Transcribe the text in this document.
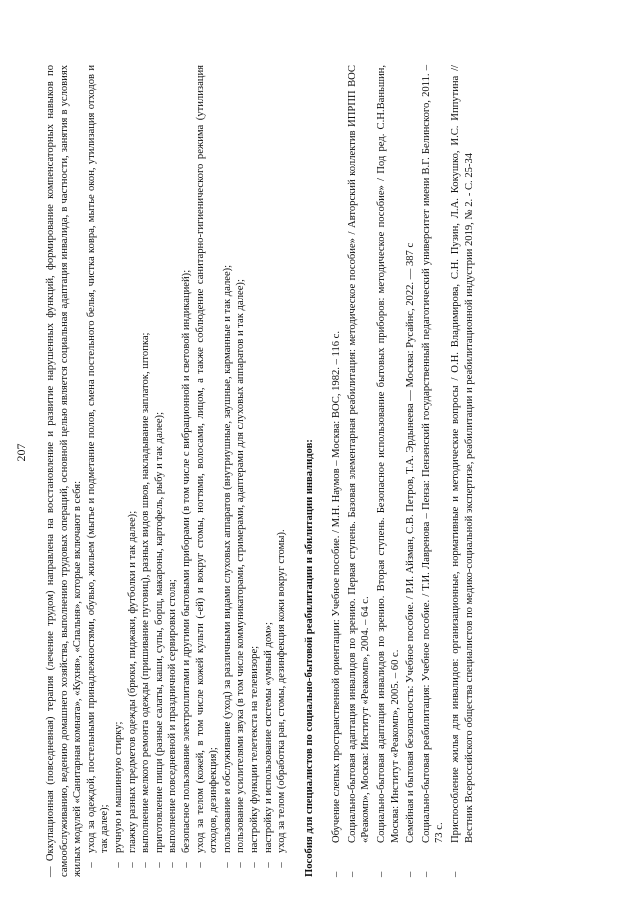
207 — Оккупационная (повседневная) терапия (лечение трудом) направлена на восстановление и развитие нарушенных функций, формирование компенсаторных навыков по самообслуживанию, ведению домашнего хозяйства, выполнению трудовых операций, основной целью является социальная адаптация инвалида, в частности, занятия в условиях жилых модулей «Санитарная комната», «Кухня», «Спальня», которые включают в себя: –
уход за одеждой, постельными принадлежностями, обувью, жильем (мытье и подметание полов, смена постельного белья, чистка ковра, мытье окон, утилизация отходов и так далее);
–
ручную и машинную стирку;
–
глажку разных предметов одежды (брюки, пиджаки, футболки и так далее);
–
выполнение мелкого ремонта одежды (пришивание пуговиц), разных видов швов, накладывание заплаток, штопка;
–
приготовление пищи (разные салаты, каши, супы, борщ, макароны, картофель, рыбу и так далее);
–
выполнение повседневной и праздничной сервировки стола;
–
безопасное пользование электроплитами и другими бытовыми приборами (в том числе с вибрационной и световой индикацией);
–
уход за телом (кожей, в том числе кожей культи (-ей) и вокруг стомы, ногтями, волосами, лицом, а также соблюдение санитарно-гигиенического режима (утилизация отходов, дезинфекция);
–
пользование и обслуживание (уход) за различными видами слуховых аппаратов (внутриушные, заушные, карманные и так далее);
–
пользование усилителями звука (в том числе коммуникаторами, стримерами, адаптерами для слуховых аппаратов и так далее);
–
настройку функции телетекста на телевизоре;
–
настройку и использование системы «умный дом»;
–
уход за телом (обработка ран, стомы, дезинфекция кожи вокруг стомы). Пособия для специалистов по социально-бытовой реабилитации и абилитации инвалидов: –
Обучение слепых пространственной ориентации: Учебное пособие. / М.Н. Наумов – Москва: ВОС, 1982. – 116 с.
–
Социально-бытовая адаптация инвалидов по зрению. Первая ступень. Базовая элементарная реабилитация: методическое пособие» / Авторский коллектив ИПРПП ВОС «Реакомп», Москва: Институт «Реакомп», 2004. – 64 с.
–
Социально-бытовая адаптация инвалидов по зрению. Вторая ступень. Безопасное использование бытовых приборов: методическое пособие» / Под ред. С.Н.Ваньшин, Москва: Институт «Реакомп», 2005. – 60 с.
–
Семейная и бытовая безопасность: Учебное пособие. / Р.И. Айзман, С.В. Петров, Т.А. Эрдынеева — Москва: Русайнс, 2022. — 387 с
–
Социально-бытовая реабилитация: Учебное пособие. / Т.И. Лавренова – Пенза: Пензенский государственный педагогический университет имени В.Г. Белинского, 2011. – 73 с.
–
Приспособление жилья для инвалидов: организационные, нормативные и методические вопросы / О.Н. Владимирова, С.Н. Пузин, Л.А. Кокушко, И.С. Иппутина // Вестник Всероссийского общества специалистов по медико-социальной экспертизе, реабилитации и реабилитационной индустрии 2019, № 2. - С. 25-34
